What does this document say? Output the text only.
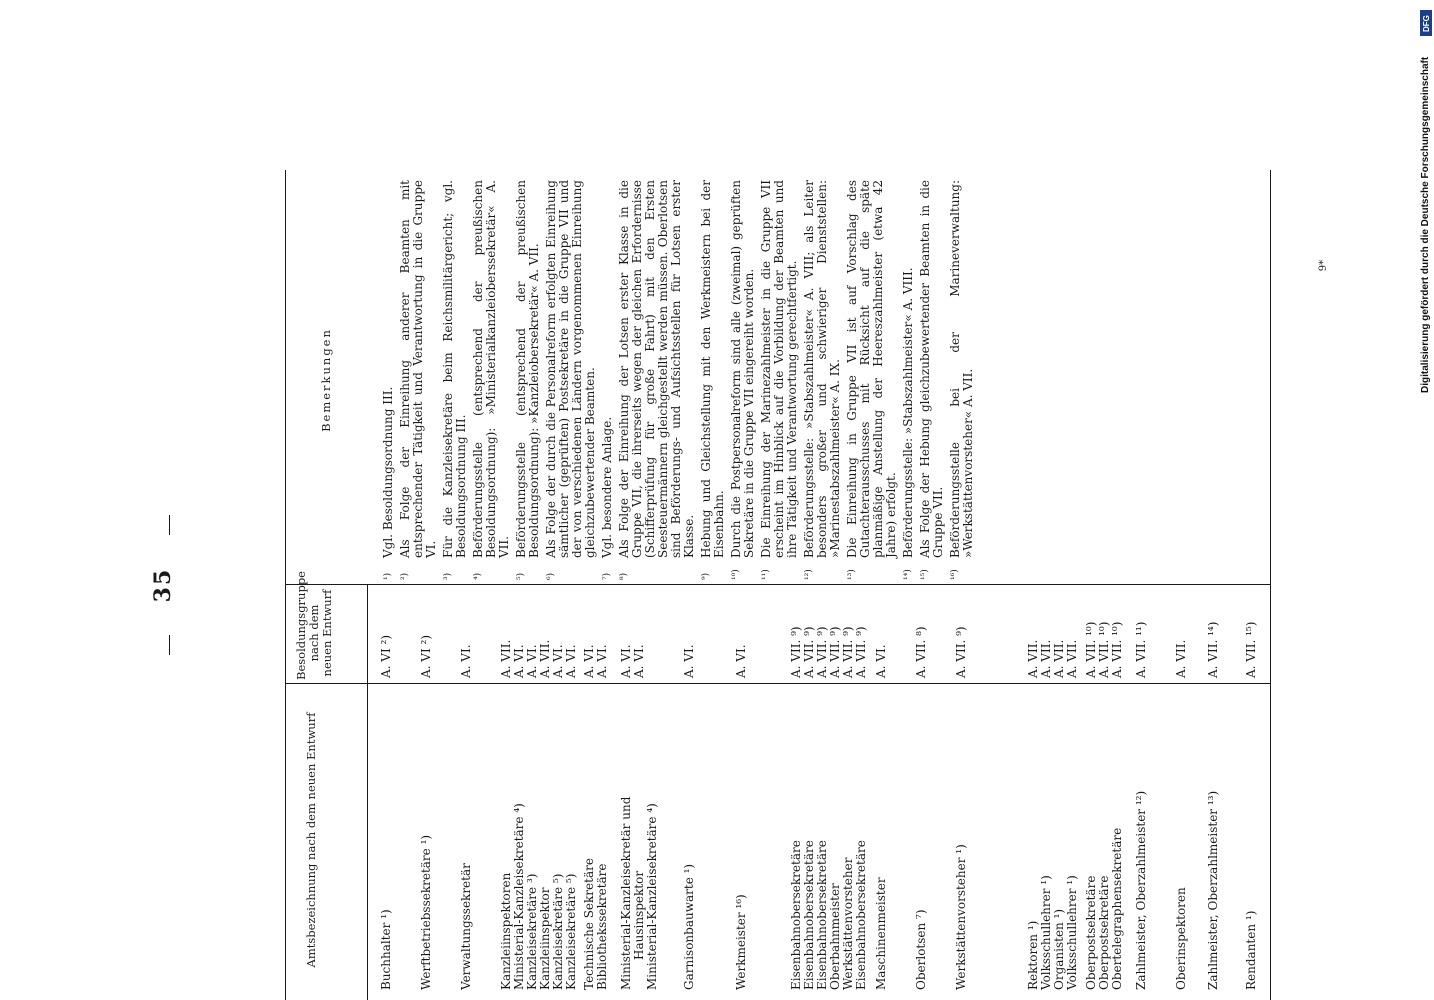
35
Amtsbezeichnung nach dem neuen Entwurf
Besoldungsgruppe nach dem neuen Entwurf
Bemerkungen
Buchhalter ¹)
A. VI ²)
Werftbetriebssekretäre ¹)
A. VI ²)
Verwaltungssekretär
A. VI.
Kanzleiinspektoren Ministerial-Kanzleisekretäre ⁴) Kanzleisekretäre ³) Kanzleiinspektor Kanzleisekretäre ⁵) Kanzleisekretäre ⁵)
A. VII. A. VI. A. VI. A. VII. A. VI. A. VI.
Technische Sekretäre Bibliothekssekretäre
A. VI. A. VI.
Ministerial-Kanzleisekretär und Hausinspektor Ministerial-Kanzleisekretäre ⁴)
A. VI. A. VI.
Garnisonbauwarte ¹)
A. VI.
Werkmeister ¹⁶)
A. VI.
Eisenbahnobersekretäre Eisenbahnobersekretäre Eisenbahnobersekretäre Oberbahnmeister Werkstättenvorsteher Eisenbahnobersekretäre
A. VII. ⁹) A. VII. ⁹) A. VII. ⁹) A. VII. ⁹) A. VII. ⁹) A. VII. ⁹)
Maschinenmeister
A. VI.
Oberlotsen ⁷)
A. VII. ⁸)
Werkstättenvorsteher ¹)
A. VII. ⁹)
Rektoren ¹) Volksschullehrer ¹) Organisten ¹) Volksschullehrer ¹)
A. VII. A. VII. A. VII. A. VII.
Oberpostsekretäre Oberpostsekretäre Obertelegraphensekretäre
A. VII. ¹⁰) A. VII. ¹⁰) A. VII. ¹⁰)
Zahlmeister, Oberzahlmeister ¹²)
A. VII. ¹¹)
Oberinspektoren
A. VII.
Zahlmeister, Oberzahlmeister ¹³)
A. VII. ¹⁴)
Rendanten ¹)
A. VII. ¹⁵)
¹)
Vgl. Besoldungsordnung III.
²)
Als Folge der Einreihung anderer Beamten mit entsprechender Tätigkeit und Verantwortung in die Gruppe VI.
³)
Für die Kanzleisekretäre beim Reichsmilitärgericht; vgl. Besoldungsordnung III.
⁴)
Beförderungsstelle (entsprechend der preußischen Besoldungsordnung): »Ministerialkanzleioberssekretär« A. VII.
⁵)
Beförderungsstelle (entsprechend der preußischen Besoldungsordnung): »Kanzleiobersekretär« A. VII.
⁶)
Als Folge der durch die Personalreform erfolgten Einreihung sämtlicher (geprüften) Postsekretäre in die Gruppe VII und der von verschiedenen Ländern vorgenommenen Einreihung gleichzubewertender Beamten.
⁷)
Vgl. besondere Anlage.
⁸)
Als Folge der Einreihung der Lotsen erster Klasse in die Gruppe VII, die ihrerseits wegen der gleichen Erfordernisse (Schifferprüfung für große Fahrt) mit den Ersten Seesteuermännern gleichgestellt werden müssen. Oberlotsen sind Beförderungs- und Aufsichtsstellen für Lotsen erster Klasse.
⁹)
Hebung und Gleichstellung mit den Werkmeistern bei der Eisenbahn.
¹⁰)
Durch die Postpersonalreform sind alle (zweimal) geprüften Sekretäre in die Gruppe VII eingereiht worden.
¹¹)
Die Einreihung der Marinezahlmeister in die Gruppe VII erscheint im Hinblick auf die Vorbildung der Beamten und ihre Tätigkeit und Verantwortung gerechtfertigt.
¹²)
Beförderungsstelle: »Stabszahlmeister« A. VIII; als Leiter besonders großer und schwieriger Dienststellen: »Marinestabszahlmeister« A. IX.
¹³)
Die Einreihung in Gruppe VII ist auf Vorschlag des Gutachterausschusses mit Rücksicht auf die späte planmäßige Anstellung der Heereszahlmeister (etwa 42 Jahre) erfolgt.
¹⁴)
Beförderungsstelle: »Stabszahlmeister« A. VIII.
¹⁵)
Als Folge der Hebung gleichzubewertender Beamten in die Gruppe VII.
¹⁶)
Beförderungsstelle bei der Marineverwaltung: »Werkstättenvorsteher« A. VII.
9*
DFG
Digitalisierung gefördert durch die Deutsche Forschungsgemeinschaft
